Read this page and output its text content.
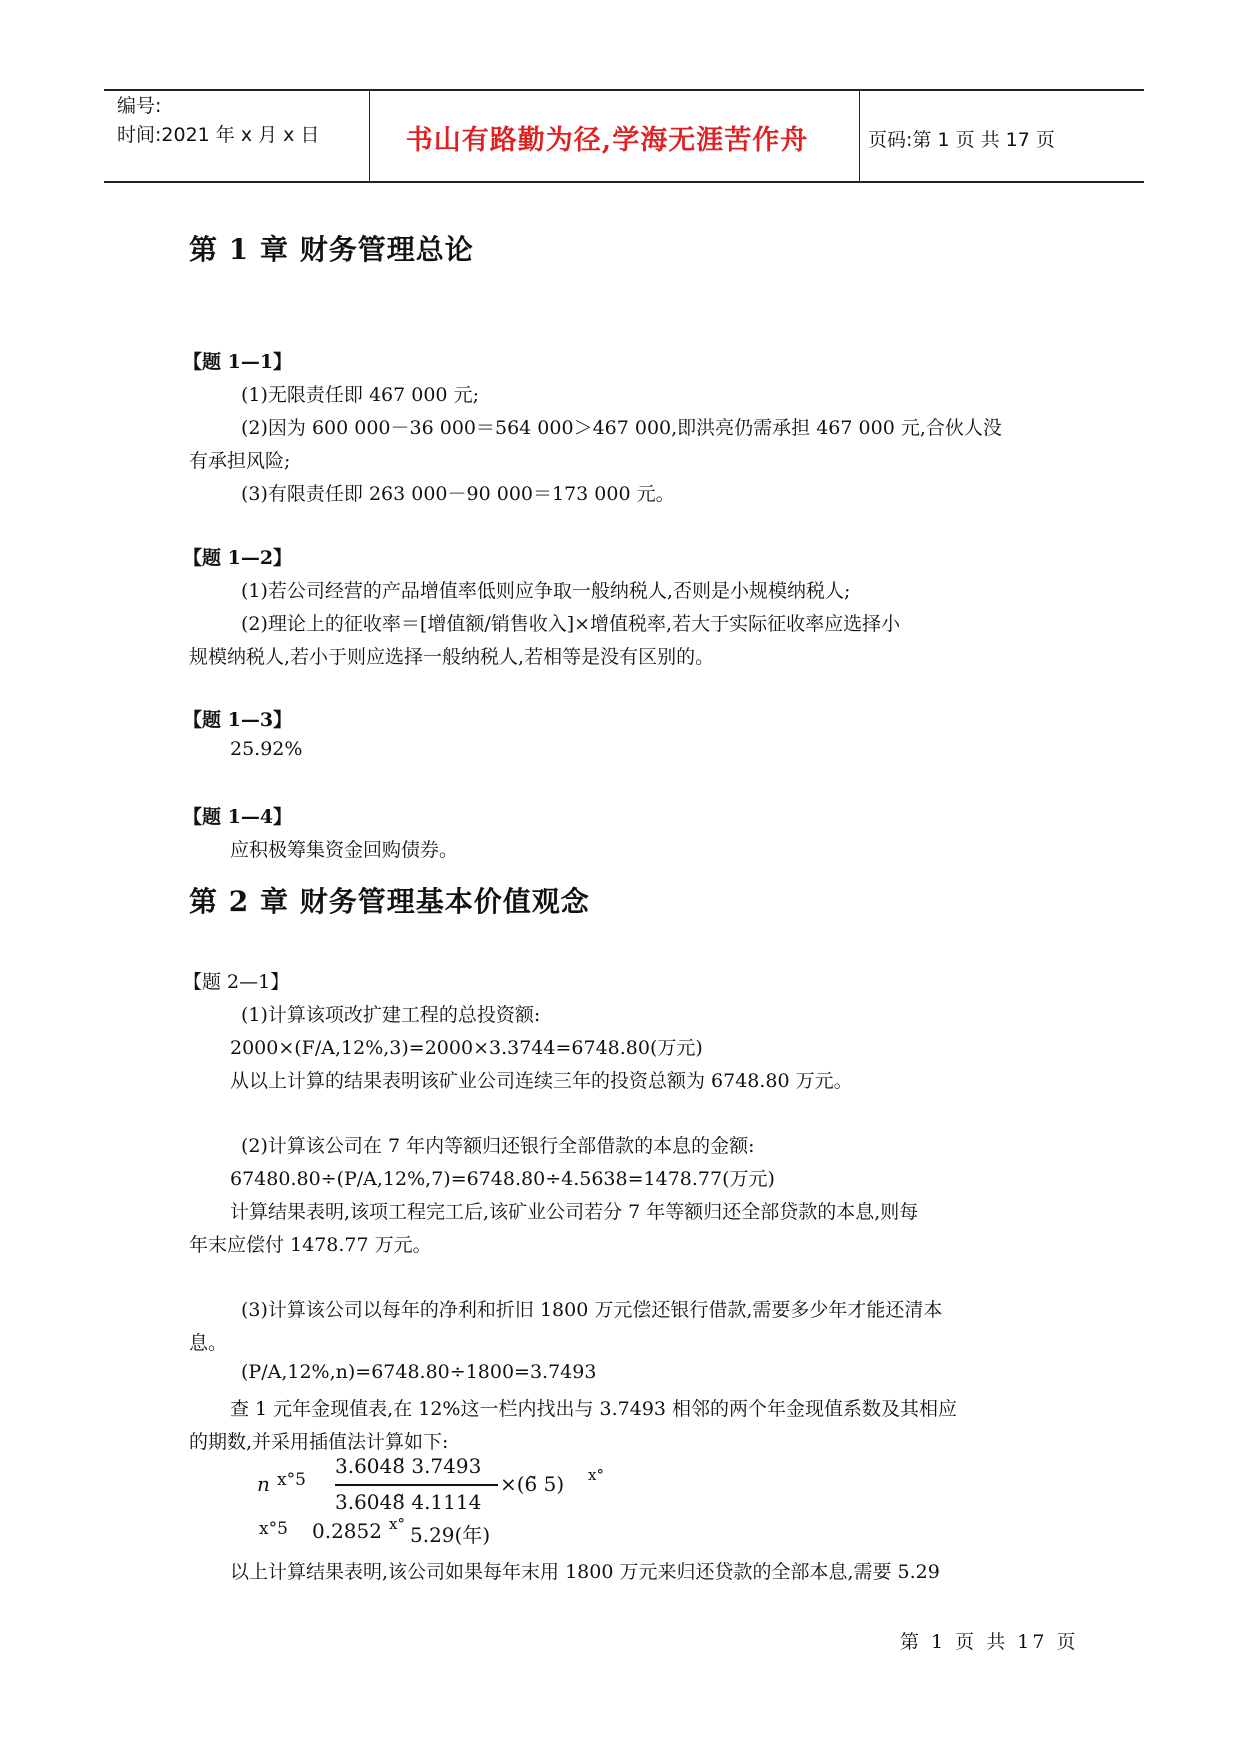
编号:
时间:2021 年 x 月 x 日	书山有路勤为径,学海无涯苦作舟	页码:第 1 页 共 17 页
第 1 章 财务管理总论
【题 1—1】
(1)无限责任即 467 000 元;
(2)因为 600 000－36 000＝564 000＞467 000,即洪亮仍需承担 467 000 元,合伙人没
有承担风险;
(3)有限责任即 263 000－90 000＝173 000 元。
【题 1—2】
(1)若公司经营的产品增值率低则应争取一般纳税人,否则是小规模纳税人;
(2)理论上的征收率＝[增值额/销售收入]×增值税率,若大于实际征收率应选择小
规模纳税人,若小于则应选择一般纳税人,若相等是没有区别的。
【题 1—3】
25.92%
【题 1—4】
应积极筹集资金回购债券。
第 2 章 财务管理基本价值观念
【题 2—1】
(1)计算该项改扩建工程的总投资额:
2000×(F/A,12%,3)=2000×3.3744=6748.80(万元)
从以上计算的结果表明该矿业公司连续三年的投资总额为 6748.80 万元。
(2)计算该公司在 7 年内等额归还银行全部借款的本息的金额:
67480.80÷(P/A,12%,7)=6748.80÷4.5638=1478.77(万元)
计算结果表明,该项工程完工后,该矿业公司若分 7 年等额归还全部贷款的本息,则每
年末应偿付 1478.77 万元。
(3)计算该公司以每年的净利和折旧 1800 万元偿还银行借款,需要多少年才能还清本
息。
(P/A,12%,n)=6748.80÷1800=3.7493
查 1 元年金现值表,在 12%这一栏内找出与 3.7493 相邻的两个年金现值系数及其相应
的期数,并采用插值法计算如下:
n x°5
3.6048̃ 3.7493
3.6048̃ 4.1114
×(6̃ 5) x°
x°5 0.2852 x° 5.29(年)
以上计算结果表明,该公司如果每年末用 1800 万元来归还贷款的全部本息,需要 5.29
第 1 页 共 17 页
